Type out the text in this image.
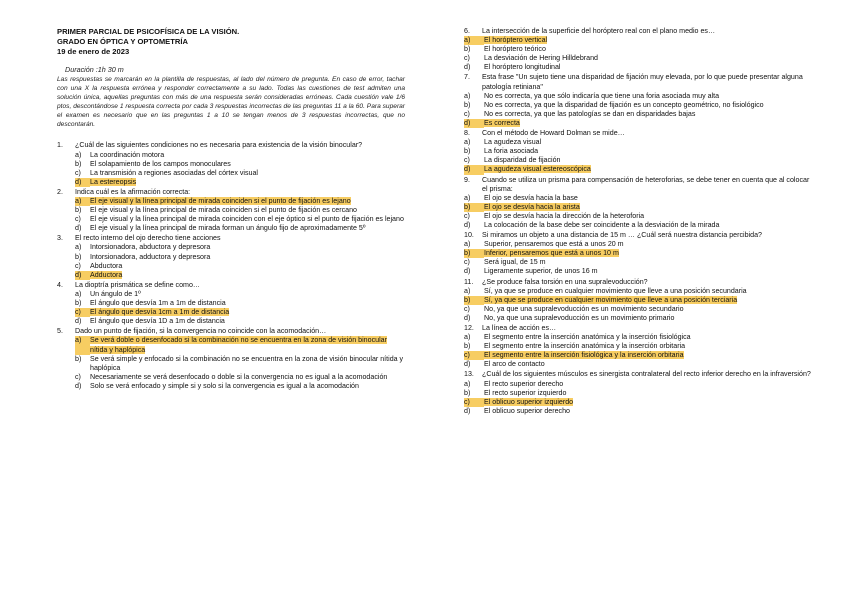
PRIMER PARCIAL DE PSICOFÍSICA DE LA VISIÓN.
GRADO EN ÓPTICA Y OPTOMETRÍA
19 de enero de 2023
Duración :1h 30 m
Las respuestas se marcarán en la plantilla de respuestas, al lado del número de pregunta. En caso de error, tachar con una X la respuesta errónea y responder correctamente a su lado. Todas las cuestiones de test admiten una solución única, aquellas preguntas con más de una respuesta serán consideradas erróneas. Cada cuestión vale 1/6 ptos, descontándose 1 respuesta correcta por cada 3 respuestas incorrectas de las preguntas 11 a la 60. Para superar el examen es necesario que en las preguntas 1 a 10 se tengan menos de 3 respuestas incorrectas, que no descontarán.
1.	¿Cuál de las siguientes condiciones no es necesaria para existencia de la visión binocular?
a)	La coordinación motora
b)	El solapamiento de los campos monoculares
c)	La transmisión a regiones asociadas del córtex visual
d)	La estereopsis
2.	Indica cuál es la afirmación correcta:
a)	El eje visual y la línea principal de mirada coinciden si el punto de fijación es lejano
b)	El eje visual y la línea principal de mirada coinciden si el punto de fijación es cercano
c)	El eje visual y la línea principal de mirada coinciden con el eje óptico si el punto de fijación es lejano
d)	El eje visual y la línea principal de mirada forman un ángulo fijo de aproximadamente 5º
3.	El recto interno del ojo derecho tiene acciones
a)	Intorsionadora, abductora y depresora
b)	Intorsionadora, adductora y depresora
c)	Abductora
d)	Adductora
4.	La dioptría prismática se define como…
a)	Un ángulo de 1º
b)	El ángulo que desvía 1m a 1m de distancia
c)	El ángulo que desvía 1cm a 1m de distancia
d)	El ángulo que desvía 1D a 1m de distancia
5.	Dado un punto de fijación, si la convergencia no coincide con la acomodación…
a)	Se verá doble o desenfocado si la combinación no se encuentra en la zona de visión binocular nítida y haplópica
b)	Se verá simple y enfocado si la combinación no se encuentra en la zona de visión binocular nítida y haplópica
c)	Necesariamente se verá desenfocado o doble si la convergencia no es igual a la acomodación
d)	Solo se verá enfocado y simple si y solo si la convergencia es igual a la acomodación
6.	La intersección de la superficie del horóptero real con el plano medio es…
a)	El horóptero vertical
b)	El horóptero teórico
c)	La desviación de Hering Hilldebrand
d)	El horóptero longitudinal
7.	Esta frase "Un sujeto tiene una disparidad de fijación muy elevada, por lo que puede presentar alguna patología retiniana"
a)	No es correcta, ya que sólo indicaría que tiene una foria asociada muy alta
b)	No es correcta, ya que la disparidad de fijación es un concepto geométrico, no fisiológico
c)	No es correcta, ya que las patologías se dan en disparidades bajas
d)	Es correcta
8.	Con el método de Howard Dolman se mide…
a)	La agudeza visual
b)	La foria asociada
c)	La disparidad de fijación
d)	La agudeza visual estereoscópica
9.	Cuando se utiliza un prisma para compensación de heteroforias, se debe tener en cuenta que al colocar el prisma:
a)	El ojo se desvía hacia la base
b)	El ojo se desvía hacia la arista
c)	El ojo se desvía hacia la dirección de la heteroforia
d)	La colocación de la base debe ser coincidente a la desviación de la mirada
10.	Si miramos un objeto a una distancia de 15 m … ¿Cuál será nuestra distancia percibida?
a)	Superior, pensaremos que está a unos 20 m
b)	Inferior, pensaremos que está a unos 10 m
c)	Será igual, de 15 m
d)	Ligeramente superior, de unos 16 m
11.	¿Se produce falsa torsión en una supralevoducción?
a)	Sí, ya que se produce en cualquier movimiento que lleve a una posición secundaria
b)	Sí, ya que se produce en cualquier movimiento que lleve a una posición terciaria
c)	No, ya que una supralevoducción es un movimiento secundario
d)	No, ya que una supralevoducción es un movimiento primario
12.	La línea de acción es…
a)	El segmento entre la inserción anatómica y la inserción fisiológica
b)	El segmento entre la inserción anatómica y la inserción orbitaria
c)	El segmento entre la inserción fisiológica y la inserción orbitaria
d)	El arco de contacto
13.	¿Cuál de los siguientes músculos es sinergista contralateral del recto inferior derecho en la infraversión?
a)	El recto superior derecho
b)	El recto superior izquierdo
c)	El oblicuo superior izquierdo
d)	El oblicuo superior derecho
